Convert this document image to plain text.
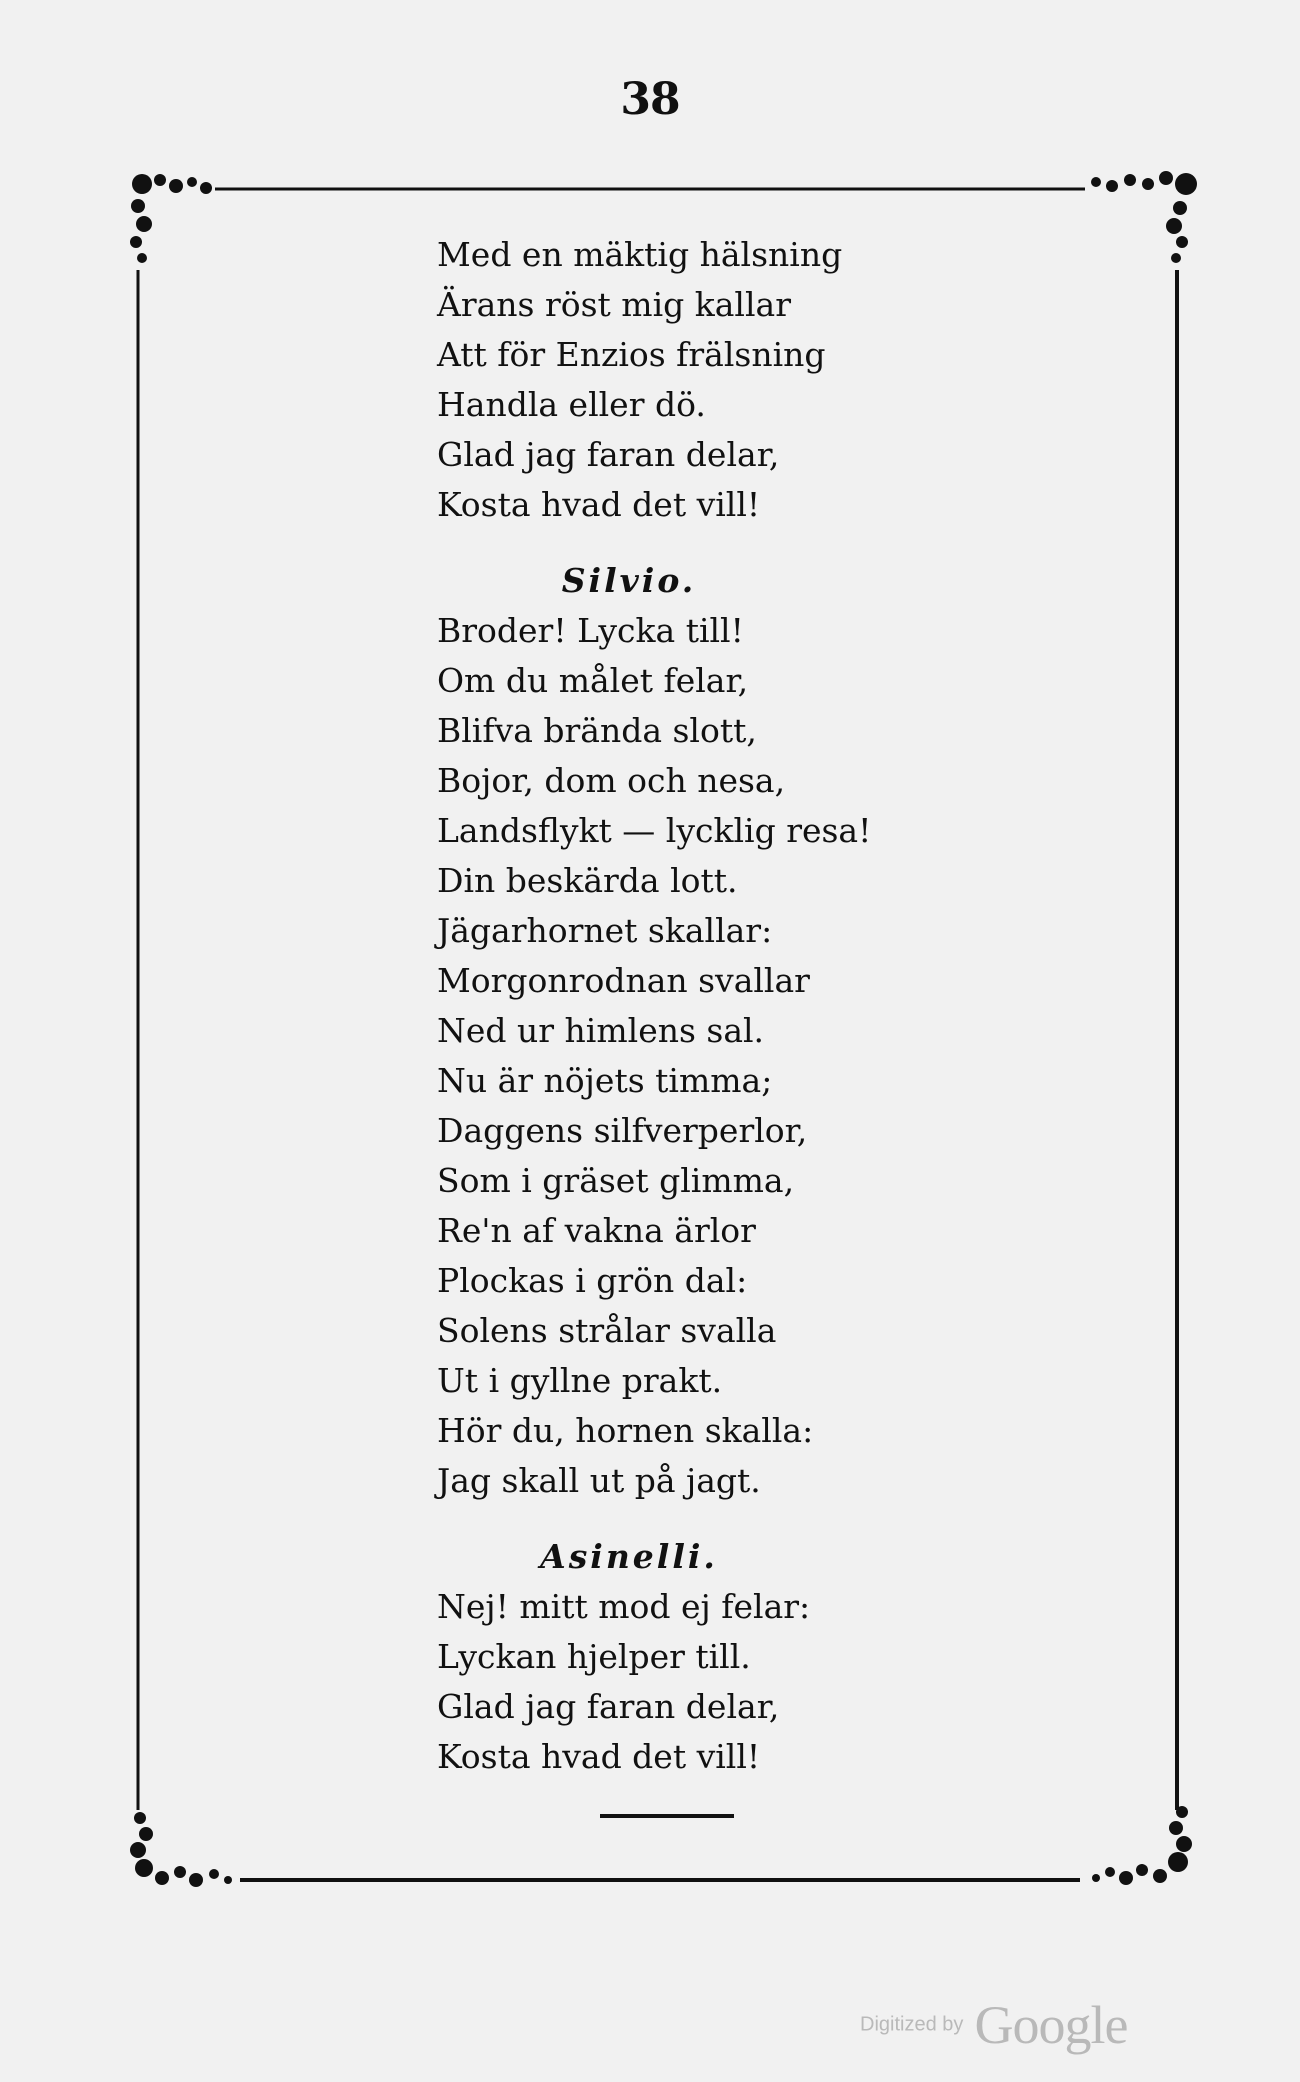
38
Med en mäktig hälsning
Ärans röst mig kallar
Att för Enzios frälsning
Handla eller dö.
Glad jag faran delar,
Kosta hvad det vill!
Silvio.
Broder! Lycka till!
Om du målet felar,
Blifva brända slott,
Bojor, dom och nesa,
Landsflykt — lycklig resa!
Din beskärda lott.
Jägarhornet skallar:
Morgonrodnan svallar
Ned ur himlens sal.
Nu är nöjets timma;
Daggens silfverperlor,
Som i gräset glimma,
Re'n af vakna ärlor
Plockas i grön dal:
Solens strålar svalla
Ut i gyllne prakt.
Hör du, hornen skalla:
Jag skall ut på jagt.
Asinelli.
Nej! mitt mod ej felar:
Lyckan hjelper till.
Glad jag faran delar,
Kosta hvad det vill!
Digitized by Google
